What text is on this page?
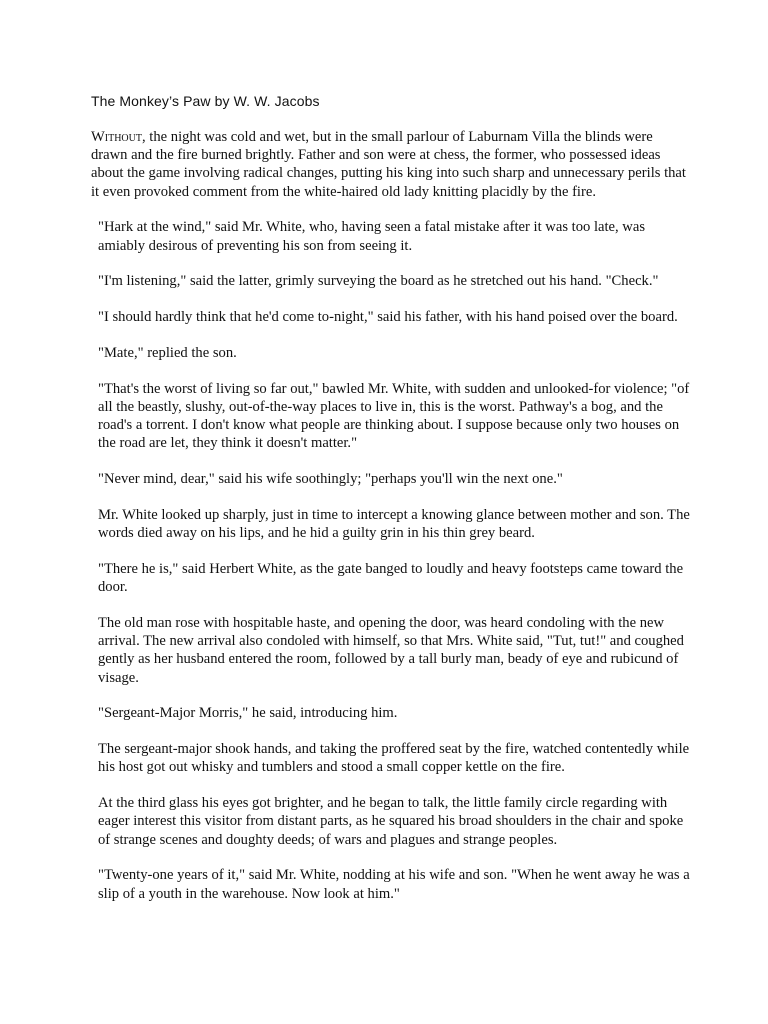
The Monkey’s Paw by W. W. Jacobs

Without, the night was cold and wet, but in the small parlour of Laburnam Villa the blinds were drawn and the fire burned brightly. Father and son were at chess, the former, who possessed ideas about the game involving radical changes, putting his king into such sharp and unnecessary perils that it even provoked comment from the white-haired old lady knitting placidly by the fire.

"Hark at the wind," said Mr. White, who, having seen a fatal mistake after it was too late, was amiably desirous of preventing his son from seeing it.

"I'm listening," said the latter, grimly surveying the board as he stretched out his hand. "Check."

"I should hardly think that he'd come to-night," said his father, with his hand poised over the board.

"Mate," replied the son.

"That's the worst of living so far out," bawled Mr. White, with sudden and unlooked-for violence; "of all the beastly, slushy, out-of-the-way places to live in, this is the worst. Pathway's a bog, and the road's a torrent. I don't know what people are thinking about. I suppose because only two houses on the road are let, they think it doesn't matter."

"Never mind, dear," said his wife soothingly; "perhaps you'll win the next one."

Mr. White looked up sharply, just in time to intercept a knowing glance between mother and son. The words died away on his lips, and he hid a guilty grin in his thin grey beard.

"There he is," said Herbert White, as the gate banged to loudly and heavy footsteps came toward the door.

The old man rose with hospitable haste, and opening the door, was heard condoling with the new arrival. The new arrival also condoled with himself, so that Mrs. White said, "Tut, tut!" and coughed gently as her husband entered the room, followed by a tall burly man, beady of eye and rubicund of visage.

"Sergeant-Major Morris," he said, introducing him.

The sergeant-major shook hands, and taking the proffered seat by the fire, watched contentedly while his host got out whisky and tumblers and stood a small copper kettle on the fire.

At the third glass his eyes got brighter, and he began to talk, the little family circle regarding with eager interest this visitor from distant parts, as he squared his broad shoulders in the chair and spoke of strange scenes and doughty deeds; of wars and plagues and strange peoples.

"Twenty-one years of it," said Mr. White, nodding at his wife and son. "When he went away he was a slip of a youth in the warehouse. Now look at him."
